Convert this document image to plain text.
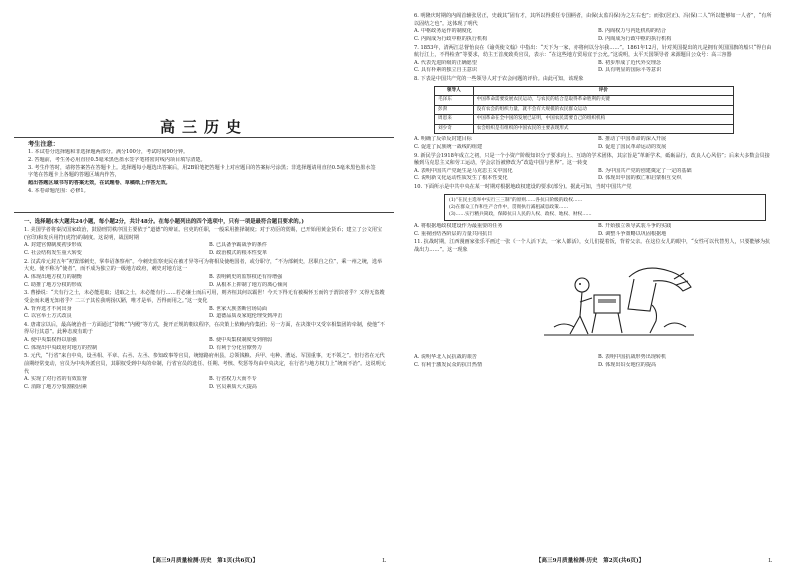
高三历史
考生注意：
1. 本试卷分选择题和非选择题两部分。满分100分，考试时间90分钟。
2. 答题前，考生务必用直径0.5毫米黑色墨水签字笔将密封线内项目填写清楚。
3. 考生作答时，请将答案答在答题卡上。选择题每小题选出答案后，用2B铅笔把答题卡上对应题目的答案标号涂黑；非选择题请用直径0.5毫米黑色墨水签字笔在答题卡上各题的答题区域内作答，
超出答题区域书写的答案无效，在试题卷、草稿纸上作答无效。
4. 本卷命题范围：必修1。
一、选择题(本大题共24小题，每小题2分，共计48分。在每小题列出的四个选项中，只有一项是最符合题目要求的。)

1. 美国学者将秦汉国家政治，鼓励刑罚秩序国主要依于“道德”的辩证。官吏的任职，一般采用推择制度；对于功臣的赏赐，已开始用黄金货币；建立了公文用宝(官印)和发兵用符(虎符)的制度。这说明，战国时期

A. 封建官僚制度初步形成	B. 已具备争霸战争的条件
C. 社会结构发生重大转变	D. 政治模式的根本性变革

2. 汉武帝元封五年“初置部刺史，掌奉诏条察州”。今刺史监察吏民在被才异等可为将相及使绝国者，或分职守，“不为部刺史，居职自之位”，乘一州之统，选举大吏。使不称为“使者”，而不成为独立的一级地方政府，刺史对地方这一

A. 体现出地方权力的制衡	B. 表明刺史的监察权还有待增强
C. 助推了地方分权的形成	D. 从根本上抑制了地方的离心倾向

3. 曹操说：“夫有行之士，未必能进取；进取之士，未必能有行……若必廉士而后可用，则齐桓其何以霸世！今天下得无有被褐怀玉而钓于渭滨者乎？又得无盗嫂受金而未遇无知者乎？二三子其佐我明扬仄陋，唯才是举，吾得而用之。”这一变化

A. 背弃选才不问出身	B. 世家大族垄断官场局面
C. 以官举士方式改良	D. 道德品质及家庭伦理受到冲击

4. 唐肃宗以后，最高统治者一方面通过“捺帐”“内殿”等方式，拢开正规的朝议程序，在决策上依赖内侍集团；另一方面，在决策中又受宰相集团的牵制，使他“不得尽行其意”。此种态度有助于

A. 使中央集权得以加强	B. 使中央集权制度受到削弱
C. 体现出中央政府对地方的控制	D. 有利于分化官僚势力

5. 元代，“行省”来自中央，设丞相、平章、右丞、左丞、参知政事等官员，统辖路府州县，总领钱粮、兵甲、屯种、漕运、军国重事，无不领之”。但行省在元代前期经常变动，官员为中央外派官员，其职权受到中央的牵制，行省官员的选任、任期、考核、奖惩等均由中央决定，在行省与地方权力上“统而不治”。这说明元代

A. 实现了对行省的有效监督	B. 行省权力大而不专
C. 消除了地方分裂割据因素	D. 官员素质大大提高
【高三9月质量检测·历史　第1页(共6页)】	L

6. 明隆庆时期的内阁首辅张居正，史载其“固有才，其所以得委任专国柄者，由保(太监冯保)为之左右也”；而张(居正)、冯(保)二人“所以能够如一人者”，“有所以固结之也”。这体现了明代

A. 中枢政务运作的制度化	B. 内阁权力与内廷机构的结合
C. 内阁成为行政中枢的执行机构	D. 内阁成为行政中枢的执行机构

7. 1853年，清两江总督怡良在《谕英使文翰》中指出：“天下为一家，亦将何以分尔我……”。1861年12月，针对英国提出的凡是拥有英国国旗的船只“得自由航行江上，不得检查”等要求，幼主王首度致英官员，表示：“在这些地方贸易宜于公允。”这说明，太平天国领导者 来源题目公众号：高三容器

A. 代表先进阶级的正确愿望	B. 初步形成了近代外交理念
C. 具有朴素的独立自主意识	D. 具有明显的国际平等意识

8. 下表是中国共产党的一些领导人对于农会问题的评价。由此可知，该现象

领导人	评价
毛泽东	中国革命需要发展农民运动，与农民的结合是取得革命胜利的关键
彭湃	没有农会的组织力量，就不会有大规模的农民群众运动
周恩来	中国革命在全中国的发展已证明，中国农民需要自己的组织机构
刘少奇	农会组织是有组织的中国农民的主要表现形式
A. 明确了反帝反封建目标	B. 推动了中国革命的深入开展
C. 促进了民族统一战线的组建	D. 促进了国民革命运动的发展

9. 新民学会1918年成立之初，只是一个小资产阶级知识分子要求向上、互助的学术团体，其宗旨是“革新学术，砥砺品行，改良人心风俗”；后来大多数会员接触到马克思主义和劳工运动，学会宗旨被修改为“改造中国与世界”。这一转变

A. 表明中国共产党诞生是马克思主义中国化	B. 为中国共产党的创建奠定了一定的基础
C. 说明新文化运动性质发生了根本性变化	D. 体现出中国的救亡和启蒙相互交织

10. 下面所示是中共中央在某一时期对根据地政权建设的要求(部分)。据此可知，当时中国共产党

(1)“在民主选举中实行三三制”的原则……各抗日阶级的政权……
(2)在群众工作和生产合作中，贯彻执行减租减息政策……
(3)……实行精兵简政，保障抗日人民的人权、政权、地权、财权……
A. 将根据地政权建设作为最重要的任务	B. 开始独立领导武装斗争的实践
C. 重视团结各阶层的力量共同抗日	D. 调整斗争策略以巩固根据地

11. 抗战时期，江西漫画家张乐平画过一张《一个人活下去，一家人都活》，女儿们提着饭，背着父亲。在这位女儿的眼中，“女性可以代替男人，只要能够为抗战出力……”。这一现象

A. 说明华北人民抗战的艰苦	B. 表明中国抗战形势出现转机
C. 有利于激发民众的抗日热情	D. 体现出妇女地位的提高
【高三9月质量检测·历史　第2页(共6页)】	L
